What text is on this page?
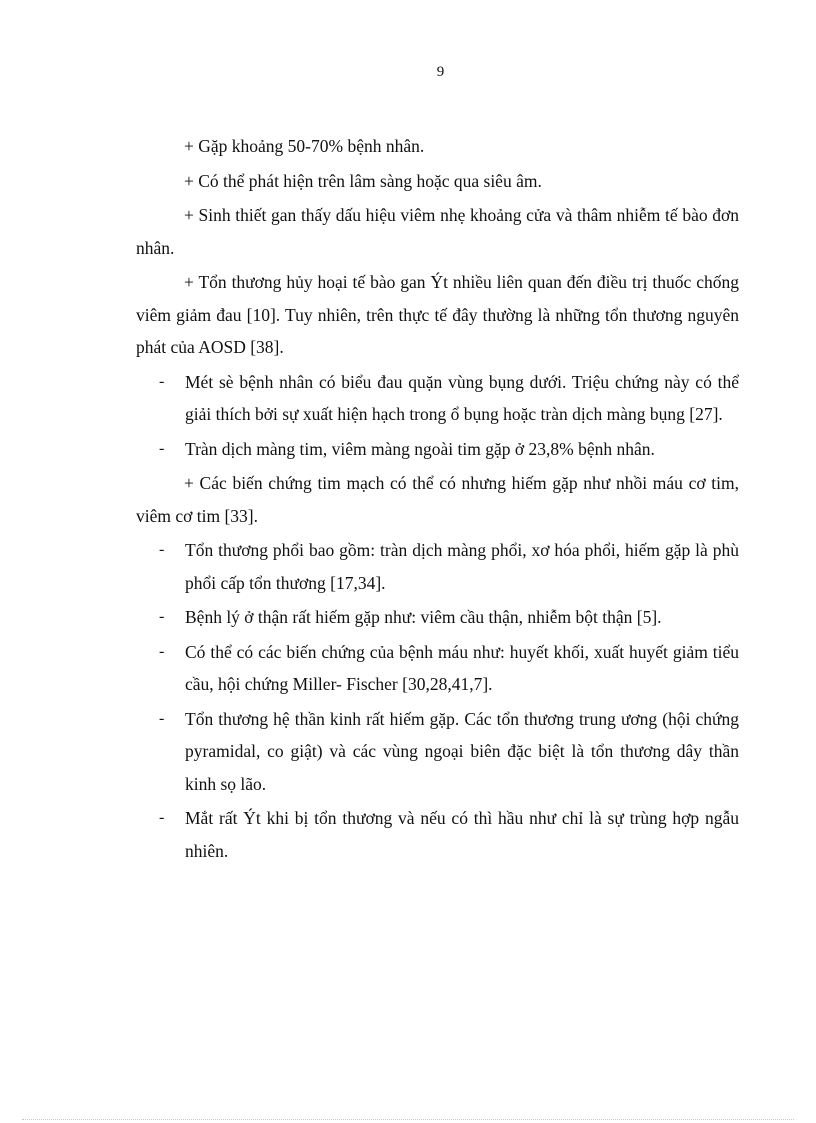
9

+ Gặp khoảng 50-70% bệnh nhân.

+ Có thể phát hiện trên lâm sàng hoặc qua siêu âm.

+ Sinh thiết gan thấy dấu hiệu viêm nhẹ khoảng cửa và thâm nhiễm tế bào đơn nhân.

+ Tổn thương hủy hoại tế bào gan Ýt nhiều liên quan đến điều trị thuốc chống viêm giảm đau [10]. Tuy nhiên, trên thực tế đây thường là những tổn thương nguyên phát của AOSD [38].

- Mét sè bệnh nhân có biểu đau quặn vùng bụng dưới. Triệu chứng này có thể giải thích bởi sự xuất hiện hạch trong ổ bụng hoặc tràn dịch màng bụng [27].
- Tràn dịch màng tim, viêm màng ngoài tim gặp ở 23,8% bệnh nhân.

+ Các biến chứng tim mạch có thể có nhưng hiếm gặp như nhồi máu cơ tim, viêm cơ tim [33].

- Tổn thương phổi bao gồm: tràn dịch màng phổi, xơ hóa phổi, hiếm gặp là phù phổi cấp tổn thương [17,34].
- Bệnh lý ở thận rất hiếm gặp như: viêm cầu thận, nhiễm bột thận [5].
- Có thể có các biến chứng của bệnh máu như: huyết khối, xuất huyết giảm tiểu cầu, hội chứng Miller- Fischer [30,28,41,7].
- Tổn thương hệ thần kinh rất hiếm gặp. Các tổn thương trung ương (hội chứng pyramidal, co giật) và các vùng ngoại biên đặc biệt là tổn thương dây thần kinh sọ lão.
- Mắt rất Ýt khi bị tổn thương và nếu có thì hầu như chỉ là sự trùng hợp ngẫu nhiên.
